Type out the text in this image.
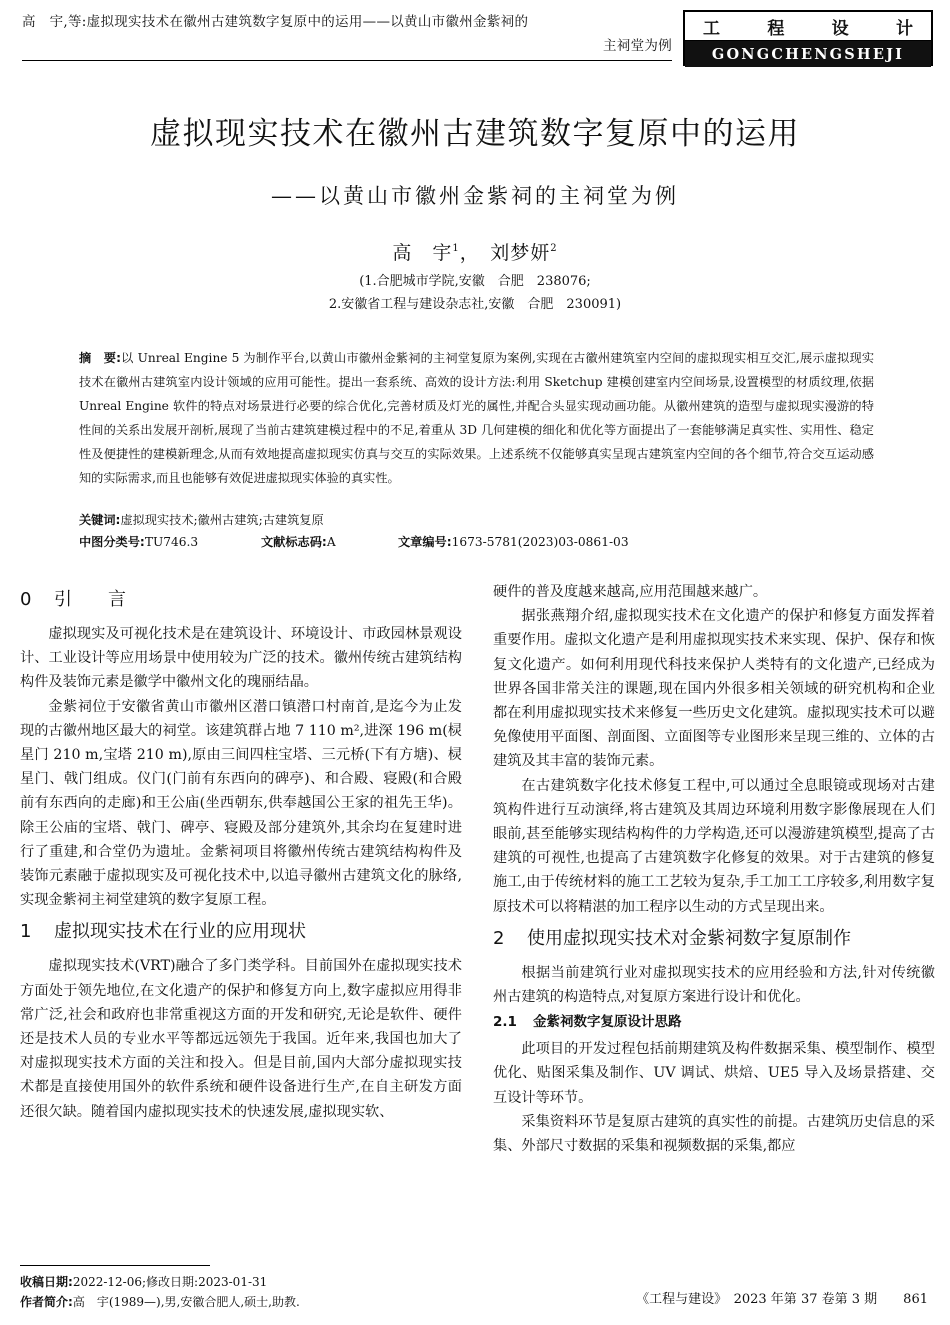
高　宇,等:虚拟现实技术在徽州古建筑数字复原中的运用——以黄山市徽州金紫祠的
主祠堂为例
工	程	设	计
GONGCHENGSHEJI
虚拟现实技术在徽州古建筑数字复原中的运用
——以黄山市徽州金紫祠的主祠堂为例
高　宇$^1$，　 刘梦妍$^2$
(1.合肥城市学院,安徽　合肥　238076;
2.安徽省工程与建设杂志社,安徽　合肥　230091)
摘　要:以 Unreal Engine 5 为制作平台,以黄山市徽州金紫祠的主祠堂复原为案例,实现在古徽州建筑室内空间的虚拟现实相互交汇,展示虚拟现实技术在徽州古建筑室内设计领域的应用可能性。提出一套系统、高效的设计方法:利用 Sketchup 建模创建室内空间场景,设置模型的材质纹理,依据 Unreal Engine 软件的特点对场景进行必要的综合优化,完善材质及灯光的属性,并配合头显实现动画功能。从徽州建筑的造型与虚拟现实漫游的特性间的关系出发展开剖析,展现了当前古建筑建模过程中的不足,着重从 3D 几何建模的细化和优化等方面提出了一套能够满足真实性、实用性、稳定性及便捷性的建模新理念,从而有效地提高虚拟现实仿真与交互的实际效果。上述系统不仅能够真实呈现古建筑室内空间的各个细节,符合交互运动感知的实际需求,而且也能够有效促进虚拟现实体验的真实性。
关键词:虚拟现实技术;徽州古建筑;古建筑复原
中图分类号:TU746.3	文献标志码:A	文章编号:1673-5781(2023)03-0861-03
0 引　　言

虚拟现实及可视化技术是在建筑设计、环境设计、市政园林景观设计、工业设计等应用场景中使用较为广泛的技术。徽州传统古建筑结构构件及装饰元素是徽学中徽州文化的瑰丽结晶。

金紫祠位于安徽省黄山市徽州区潜口镇潜口村南首,是迄今为止发现的古徽州地区最大的祠堂。该建筑群占地 7 110 m²,进深 196 m(棂星门 210 m,宝塔 210 m),原由三间四柱宝塔、三元桥(下有方塘)、棂星门、戟门组成。仪门(门前有东西向的碑亭)、和合殿、寝殿(和合殿前有东西向的走廊)和王公庙(坐西朝东,供奉越国公王家的祖先王华)。除王公庙的宝塔、戟门、碑亭、寝殿及部分建筑外,其余均在复建时进行了重建,和合堂仍为遗址。金紫祠项目将徽州传统古建筑结构构件及装饰元素融于虚拟现实及可视化技术中,以追寻徽州古建筑文化的脉络,实现金紫祠主祠堂建筑的数字复原工程。

1 虚拟现实技术在行业的应用现状

虚拟现实技术(VRT)融合了多门类学科。目前国外在虚拟现实技术方面处于领先地位,在文化遗产的保护和修复方向上,数字虚拟应用得非常广泛,社会和政府也非常重视这方面的开发和研究,无论是软件、硬件还是技术人员的专业水平等都远远领先于我国。近年来,我国也加大了对虚拟现实技术方面的关注和投入。但是目前,国内大部分虚拟现实技术都是直接使用国外的软件系统和硬件设备进行生产,在自主研发方面还很欠缺。随着国内虚拟现实技术的快速发展,虚拟现实软、

硬件的普及度越来越高,应用范围越来越广。

据张燕翔介绍,虚拟现实技术在文化遗产的保护和修复方面发挥着重要作用。虚拟文化遗产是利用虚拟现实技术来实现、保护、保存和恢复文化遗产。如何利用现代科技来保护人类特有的文化遗产,已经成为世界各国非常关注的课题,现在国内外很多相关领域的研究机构和企业都在利用虚拟现实技术来修复一些历史文化建筑。虚拟现实技术可以避免像使用平面图、剖面图、立面图等专业图形来呈现三维的、立体的古建筑及其丰富的装饰元素。

在古建筑数字化技术修复工程中,可以通过全息眼镜或现场对古建筑构件进行互动演绎,将古建筑及其周边环境利用数字影像展现在人们眼前,甚至能够实现结构构件的力学构造,还可以漫游建筑模型,提高了古建筑的可视性,也提高了古建筑数字化修复的效果。对于古建筑的修复施工,由于传统材料的施工工艺较为复杂,手工加工工序较多,利用数字复原技术可以将精湛的加工程序以生动的方式呈现出来。

2 使用虚拟现实技术对金紫祠数字复原制作

根据当前建筑行业对虚拟现实技术的应用经验和方法,针对传统徽州古建筑的构造特点,对复原方案进行设计和优化。

2.1 金紫祠数字复原设计思路

此项目的开发过程包括前期建筑及构件数据采集、模型制作、模型优化、贴图采集及制作、UV 调试、烘焙、UE5 导入及场景搭建、交互设计等环节。

采集资料环节是复原古建筑的真实性的前提。古建筑历史信息的采集、外部尺寸数据的采集和视频数据的采集,都应

收稿日期:2022-12-06;修改日期:2023-01-31
作者简介:高　宇(1989—),男,安徽合肥人,硕士,助教.	《工程与建设》　2023 年第 37 卷第 3 期　　 861
